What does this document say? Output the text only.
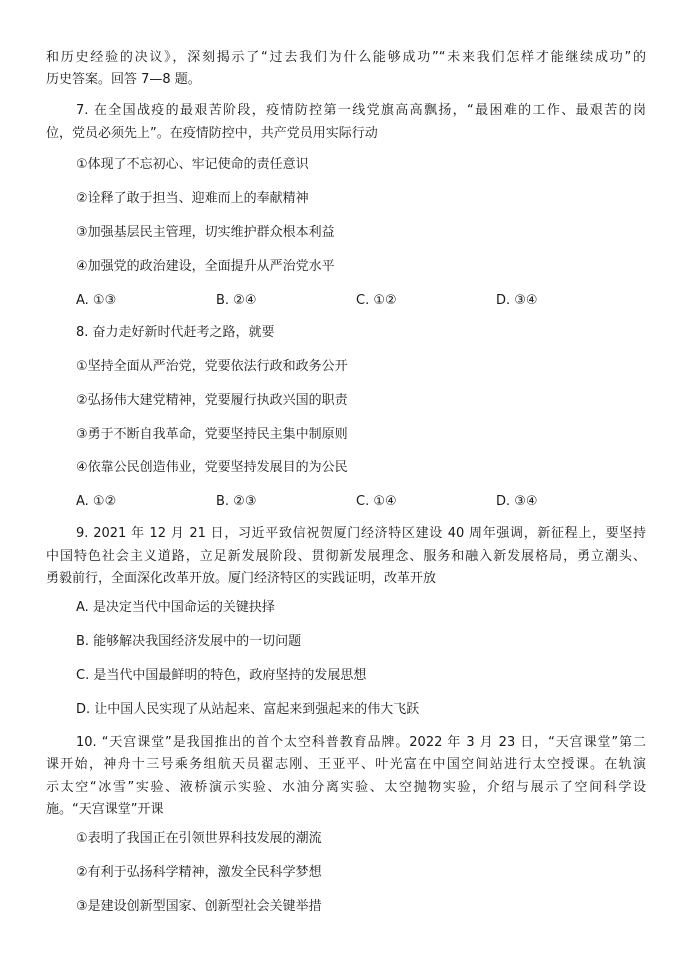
和历史经验的决议》，深刻揭示了“过去我们为什么能够成功”“未来我们怎样才能继续成功”的
历史答案。回答 7—8 题。
7. 在全国战疫的最艰苦阶段，疫情防控第一线党旗高高飘扬，“最困难的工作、最艰苦的岗
位，党员必须先上”。在疫情防控中，共产党员用实际行动
①体现了不忘初心、牢记使命的责任意识
②诠释了敢于担当、迎难而上的奉献精神
③加强基层民主管理，切实维护群众根本利益
④加强党的政治建设，全面提升从严治党水平
A. ①③	B. ②④	C. ①②	D. ③④
8. 奋力走好新时代赶考之路，就要
①坚持全面从严治党，党要依法行政和政务公开
②弘扬伟大建党精神，党要履行执政兴国的职责
③勇于不断自我革命，党要坚持民主集中制原则
④依靠公民创造伟业，党要坚持发展目的为公民
A. ①②	B. ②③	C. ①④	D. ③④
9. 2021 年 12 月 21 日，习近平致信祝贺厦门经济特区建设 40 周年强调，新征程上，要坚持
中国特色社会主义道路，立足新发展阶段、贯彻新发展理念、服务和融入新发展格局，勇立潮头、
勇毅前行，全面深化改革开放。厦门经济特区的实践证明，改革开放
A. 是决定当代中国命运的关键抉择
B. 能够解决我国经济发展中的一切问题
C. 是当代中国最鲜明的特色，政府坚持的发展思想
D. 让中国人民实现了从站起来、富起来到强起来的伟大飞跃
10. “天宫课堂”是我国推出的首个太空科普教育品牌。2022 年 3 月 23 日，“天宫课堂”第二
课开始，神舟十三号乘务组航天员翟志刚、王亚平、叶光富在中国空间站进行太空授课。在轨演
示太空“冰雪”实验、液桥演示实验、水油分离实验、太空抛物实验，介绍与展示了空间科学设
施。“天宫课堂”开课
①表明了我国正在引领世界科技发展的潮流
②有利于弘扬科学精神，激发全民科学梦想
③是建设创新型国家、创新型社会关键举措
